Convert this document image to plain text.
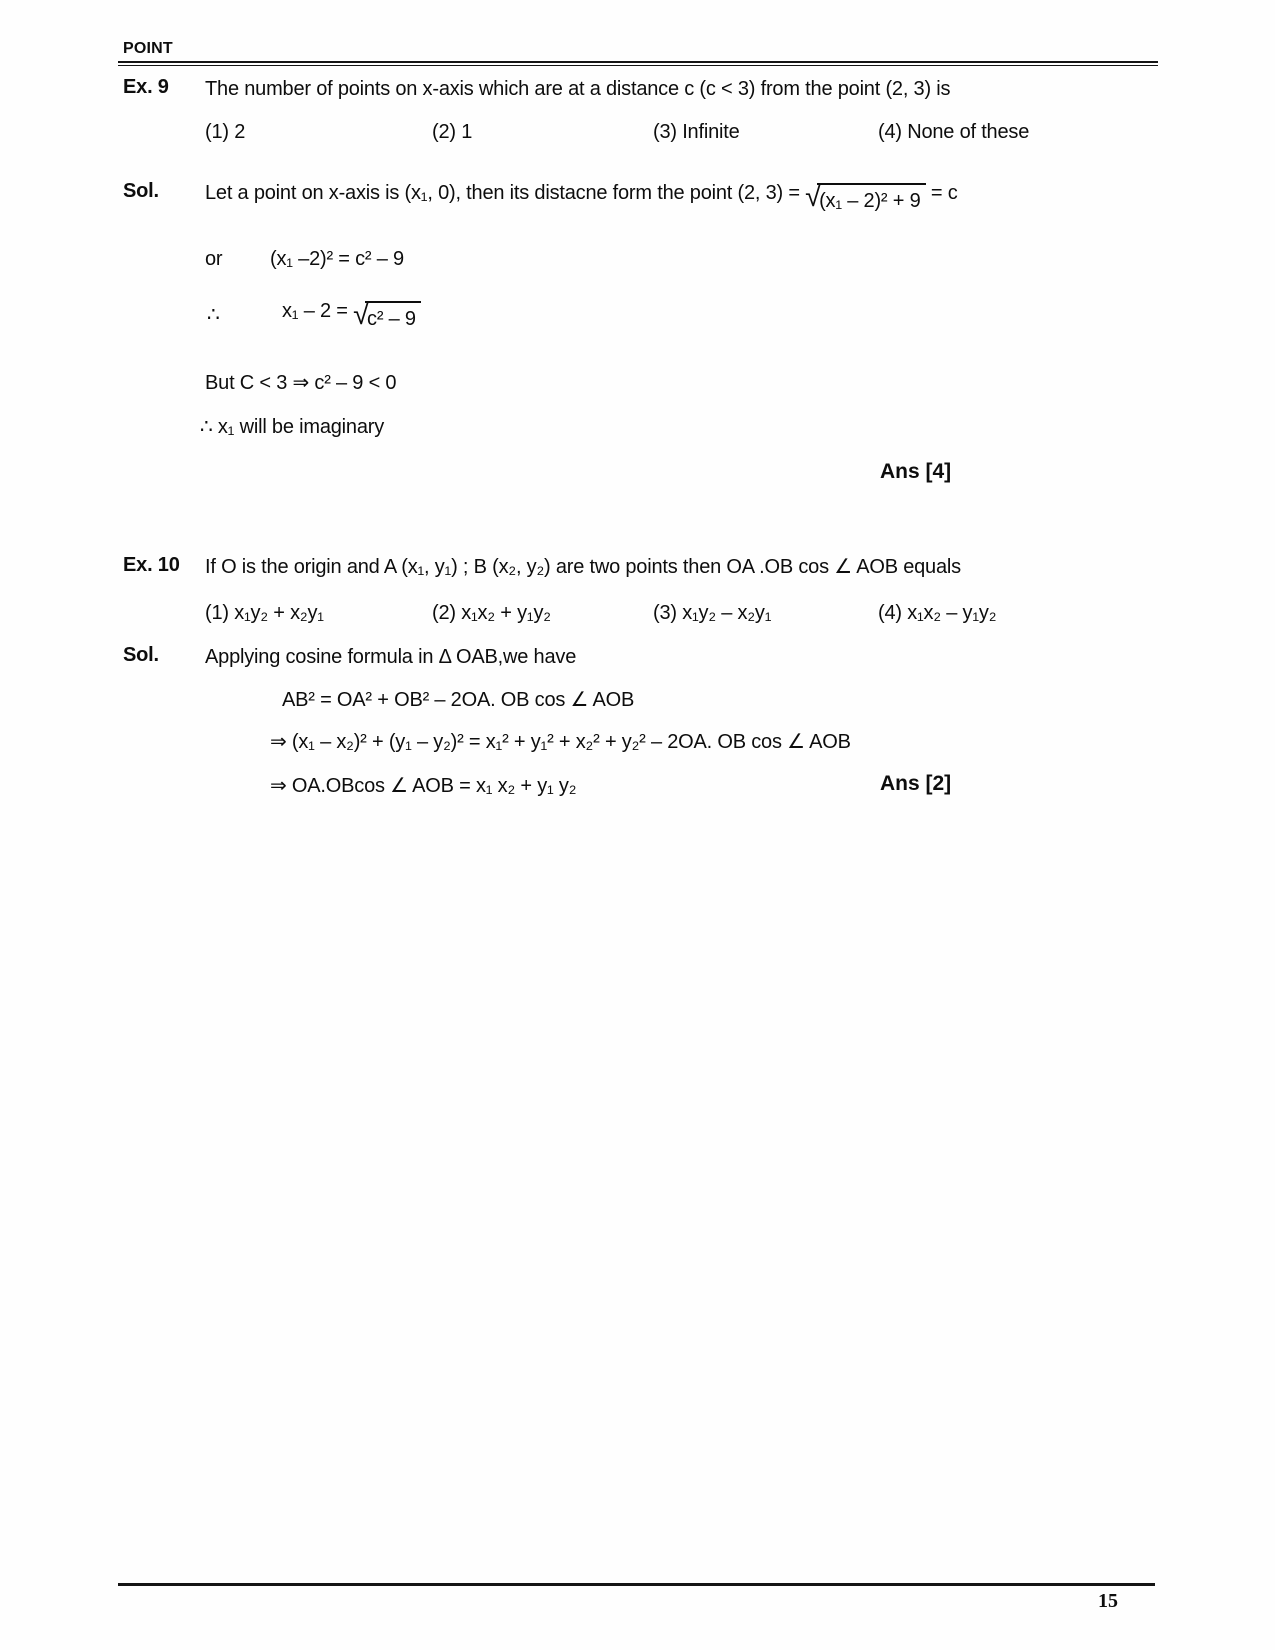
POINT
Ex. 9 The number of points on x-axis which are at a distance c (c < 3) from the point (2, 3) is
(1) 2	(2) 1	(3) Infinite	(4) None of these
Sol. Let a point on x-axis is (x₁, 0), then its distacne form the point (2, 3) = √
(x₁ – 2)² + 9 = c
or (x₁ –2)² = c² – 9
∴	x₁ – 2 = √
c² – 9
But C < 3 ⇒ c² – 9 < 0
∴ x₁ will be imaginary
Ans [4]
Ex. 10 If O is the origin and A (x₁, y₁) ; B (x₂, y₂) are two points then OA .OB cos ∠ AOB equals
(1) x₁y₂ + x₂y₁	(2) x₁x₂ + y₁y₂	(3) x₁y₂ – x₂y₁	(4) x₁x₂ – y₁y₂
Sol. Applying cosine formula in Δ OAB,we have
AB² = OA² + OB² – 2OA. OB cos ∠ AOB
⇒ (x₁ – x₂)² + (y₁ – y₂)² = x₁² + y₁² + x₂² + y₂² – 2OA. OB cos ∠ AOB
⇒ OA.OBcos ∠ AOB = x₁ x₂ + y₁ y₂	Ans [2]
15
